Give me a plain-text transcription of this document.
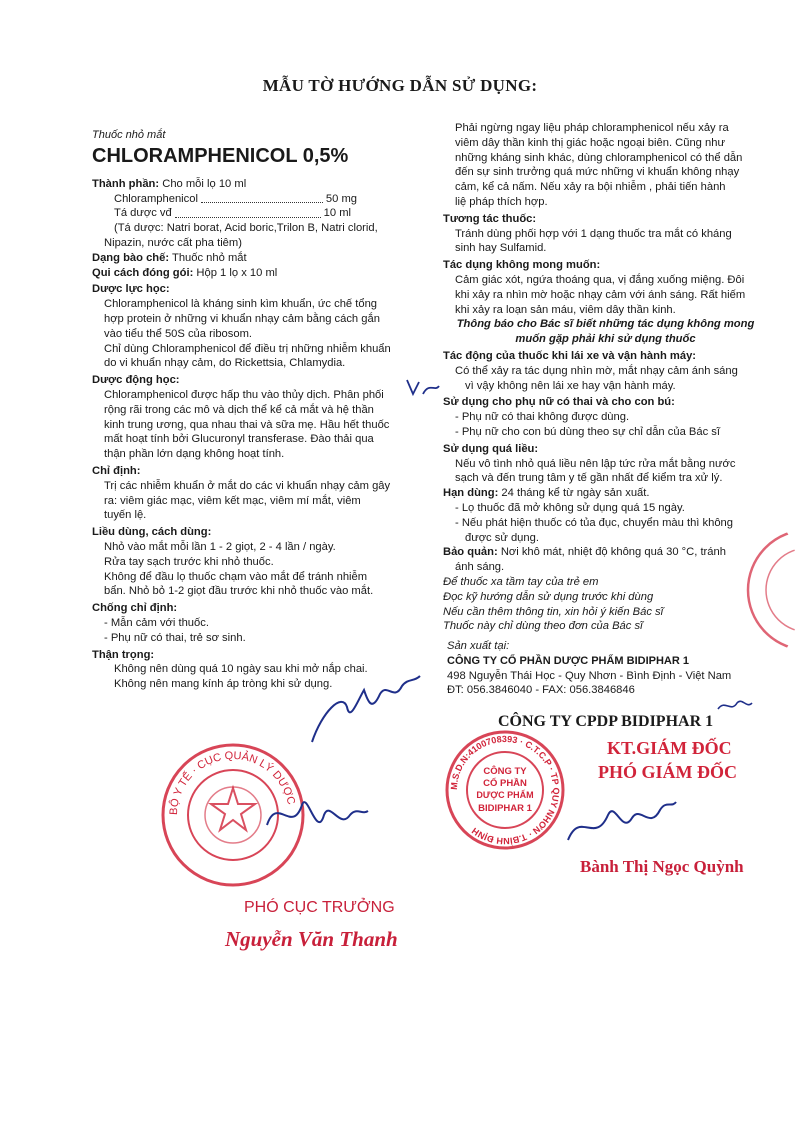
MẪU TỜ HƯỚNG DẪN SỬ DỤNG:

Thuốc nhỏ mắt

CHLORAMPHENICOL 0,5%

Thành phần: Cho mỗi lọ 10 ml
Chloramphenicol	50 mg
Tá dược vđ	10 ml
(Tá dược: Natri borat, Acid boric,Trilon B, Natri clorid,
Nipazin, nước cất pha tiêm)
Dạng bào chế: Thuốc nhỏ mắt
Qui cách đóng gói: Hộp 1 lọ x 10 ml
Dược lực học:
Chloramphenicol là kháng sinh kìm khuẩn, ức chế tổng
hợp protein ở những vi khuẩn nhạy cảm bằng cách gắn
vào tiểu thể 50S của ribosom.
Chỉ dùng Chloramphenicol để điều trị những nhiễm khuẩn
do vi khuẩn nhạy cảm, do Rickettsia, Chlamydia.
Dược động học:
Chloramphenicol được hấp thu vào thủy dịch. Phân phối
rộng rãi trong các mô và dịch thể kể cả mắt và hệ thần
kinh trung ương, qua nhau thai và sữa mẹ. Hầu hết thuốc
mất hoạt tính bởi Glucuronyl transferase. Đào thải qua
thận phần lớn dạng không hoạt tính.
Chỉ định:
Trị các nhiễm khuẩn ở mắt do các vi khuẩn nhạy cảm gây
ra: viêm giác mạc, viêm kết mạc, viêm mí mắt, viêm
tuyến lệ.
Liều dùng, cách dùng:
Nhỏ vào mắt mỗi lần 1 - 2 giọt, 2 - 4 lần / ngày.
Rửa tay sạch trước khi nhỏ thuốc.
Không để đầu lọ thuốc chạm vào mắt để tránh nhiễm
bẩn. Nhỏ bỏ 1-2 giọt đầu trước khi nhỏ thuốc vào mắt.
Chống chỉ định:
- Mẫn cảm với thuốc.
- Phụ nữ có thai, trẻ sơ sinh.
Thận trọng:
Không nên dùng quá 10 ngày sau khi mở nắp chai.
Không nên mang kính áp tròng khi sử dụng.
Phải ngừng ngay liệu pháp chloramphenicol nếu xảy ra
viêm dây thần kinh thị giác hoặc ngoại biên. Cũng như
những kháng sinh khác, dùng chloramphenicol có thể dẫn
đến sự sinh trưởng quá mức những vi khuẩn không nhạy
cảm, kể cả nấm. Nếu xảy ra bội nhiễm , phải tiến hành
liệ pháp thích hợp.
Tương tác thuốc:
Tránh dùng phối hợp với 1 dạng thuốc tra mắt có kháng
sinh hay Sulfamid.
Tác dụng không mong muốn:
Cảm giác xót, ngứa thoáng qua, vị đắng xuống miệng. Đôi
khi xảy ra nhìn mờ hoặc nhạy cảm với ánh sáng. Rất hiếm
khi xảy ra loạn sản máu, viêm dây thần kinh.
Thông báo cho Bác sĩ biết những tác dụng không mong
muốn gặp phải khi sử dụng thuốc
Tác động của thuốc khi lái xe và vận hành máy:
Có thể xảy ra tác dụng nhìn mờ, mắt nhạy cảm ánh sáng
vì vậy không nên lái xe hay vận hành máy.
Sử dụng cho phụ nữ có thai và cho con bú:
- Phụ nữ có thai không được dùng.
- Phụ nữ cho con bú dùng theo sự chỉ dẫn của Bác sĩ
Sử dụng quá liều:
Nếu vô tình nhỏ quá liều nên lập tức rửa mắt bằng nước
sạch và đến trung tâm y tế gần nhất để kiểm tra xử lý.
Hạn dùng: 24 tháng kể từ ngày sản xuất.
- Lọ thuốc đã mở không sử dụng quá 15 ngày.
- Nếu phát hiện thuốc có tủa đục, chuyển màu thì không
được sử dụng.
Bảo quản: Nơi khô mát, nhiệt độ không quá 30 °C, tránh
ánh sáng.
Để thuốc xa tầm tay của trẻ em
Đọc kỹ hướng dẫn sử dụng trước khi dùng
Nếu cần thêm thông tin, xin hỏi ý kiến Bác sĩ
Thuốc này chỉ dùng theo đơn của Bác sĩ
Sản xuất tại:
CÔNG TY CỔ PHẦN DƯỢC PHẨM BIDIPHAR 1
498 Nguyễn Thái Học - Quy Nhơn - Bình Định - Việt Nam
ĐT: 056.3846040 - FAX: 056.3846846
CÔNG TY CPDP BIDIPHAR 1
KT.GIÁM ĐỐC
PHÓ GIÁM ĐỐC
Bành Thị Ngọc Quỳnh
PHÓ CỤC TRƯỞNG
Nguyễn Văn Thanh
BỘ Y TẾ · CỤC QUẢN LÝ DƯỢC
M.S.D.N:4100708393 · C.T.C.P · TP QUY NHƠN · T.BÌNH ĐỊNH
CÔNG TY
CỔ PHẦN
DƯỢC PHẨM
BIDIPHAR 1
